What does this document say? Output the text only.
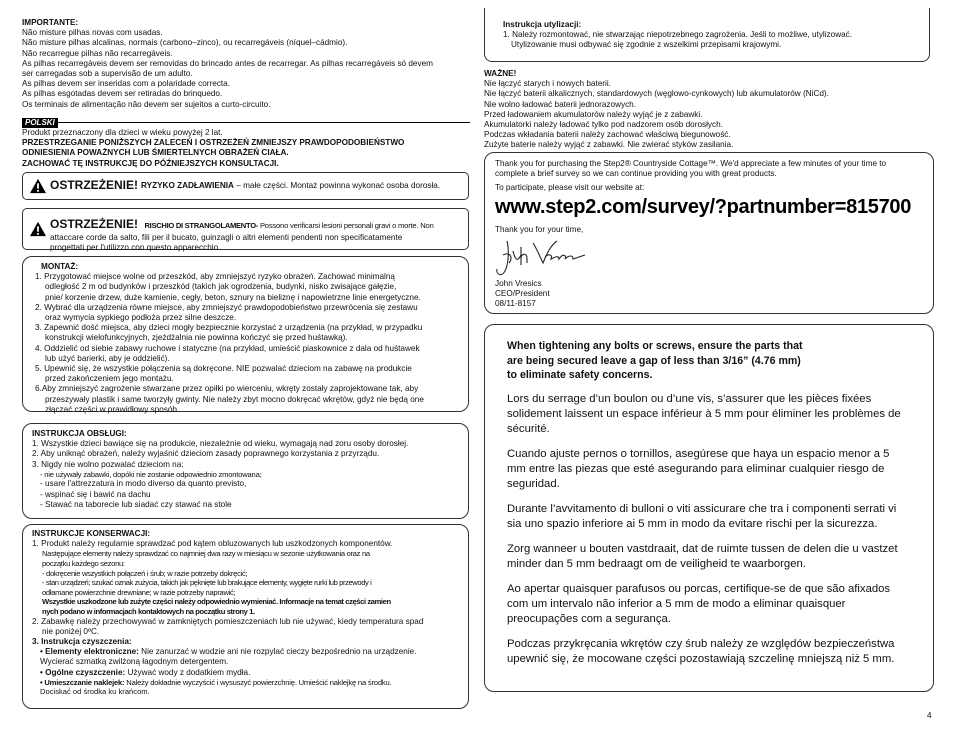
IMPORTANTE:
Não misture pilhas novas com usadas.
Não misture pilhas alcalinas, normais (carbono–zinco), ou recarregáveis (níquel–cádmio).
Não recarregue pilhas não recarregáveis.
As pilhas recarregáveis devem ser removidas do brincado antes de recarregar. As pilhas recarregáveis só devem
ser carregadas sob a supervisão de um adulto.
As pilhas devem ser inseridas com a polaridade correcta.
As pilhas esgotadas devem ser retiradas do brinquedo.
Os terminais de alimentação não devem ser sujeitos a curto-circuito.
POLSKI
Produkt przeznaczony dla dzieci w wieku powyżej 2 lat.
PRZESTRZEGANIE PONIŻSZYCH ZALECEŃ I OSTRZEŻEŃ ZMNIEJSZY PRAWDOPODOBIEŃSTWO
ODNIESIENIA POWAŻNYCH LUB ŚMIERTELNYCH OBRAŻEŃ CIAŁA.
ZACHOWAĆ TĘ INSTRUKCJĘ DO PÓŹNIEJSZYCH KONSULTACJI.
OSTRZEŻENIE! RYZYKO ZADŁAWIENIA – małe części. Montaż powinna wykonać osoba dorosła.
OSTRZEŻENIE! RISCHIO DI STRANGOLAMENTO- Possono verificarsi lesioni personali gravi o morte. Non
attaccare corde da salto, fili per il bucato, guinzagli o altri elementi pendenti non specificatamente
progettati per l'utilizzo con questo apparecchio.
MONTAŻ:
1. Przygotować miejsce wolne od przeszkód, aby zmniejszyć ryzyko obrażeń. Zachować minimalną
odległość 2 m od budynków i przeszkód (takich jak ogrodzenia, budynki, nisko zwisające gałęzie,
pnie/ korzenie drzew, duże kamienie, cegły, beton, sznury na bieliznę i napowietrzne linie energetyczne.
2. Wybrać dla urządzenia równe miejsce, aby zmniejszyć prawdopodobieństwo przewrócenia się zestawu
oraz wymycia sypkiego podłoża przez silne deszcze.
3. Zapewnić dość miejsca, aby dzieci mogły bezpiecznie korzystać z urządzenia (na przykład, w przypadku
konstrukcji wielofunkcyjnych, zjeżdżalnia nie powinna kończyć się przed huśtawką).
4. Oddzielić od siebie zabawy ruchowe i statyczne (na przykład, umieścić piaskownice z dala od huśtawek
lub użyć barierki, aby je oddzielić).
5. Upewnić się, że wszystkie połączenia są dokręcone. NIE pozwalać dzieciom na zabawę na produkcie
przed zakończeniem jego montażu.
6.Aby zmniejszyć zagrożenie stwarzane przez opiłki po wierceniu, wkręty zostały zaprojektowane tak, aby
przeszywały plastik i same tworzyły gwinty. Nie należy zbyt mocno dokręcać wkrętów, gdyż nie będą one
złączać części w prawidłowy sposób.
INSTRUKCJA OBSŁUGI:
1. Wszystkie dzieci bawiące się na produkcie, niezależnie od wieku, wymagają nad zoru osoby dorosłej.
2. Aby uniknąć obrażeń, należy wyjaśnić dzieciom zasady poprawnego korzystania z przyrządu.
3. Nigdy nie wolno pozwalać dzieciom na:
- nie używały zabawki, dopóki nie zostanie odpowiednio zmontowana;
- usare l'attrezzatura in modo diverso da quanto previsto,
- wspinać się i bawić na dachu
- Stawać na taborecie lub siadać czy stawać na stole
INSTRUKCJE KONSERWACJI:
1. Produkt należy regularnie sprawdzać pod kątem obluzowanych lub uszkodzonych komponentów.
Następujące elementy należy sprawdzać co najmniej dwa razy w miesiącu w sezonie użytkowania oraz na
początku każdego sezonu:
- dokręcenie wszystkich połączeń i śrub; w razie potrzeby dokręcić;
- stan urządzeń; szukać oznak zużycia, takich jak pęknięte lub brakujące elementy, wygięte rurki lub przewody i
odłamane powierzchnie drewniane; w razie potrzeby naprawić;
Wszystkie uszkodzone lub zużyte części należy odpowiednio wymieniać. Informacje na temat części zamien
nych podano w informacjach kontaktowych na początku strony 1.
2. Zabawkę należy przechowywać w zamkniętych pomieszczeniach lub nie używać, kiedy temperatura spad
nie poniżej 0ºC.
3. Instrukcja czyszczenia:
• Elementy elektroniczne: Nie zanurzać w wodzie ani nie rozpylać cieczy bezpośrednio na urządzenie.
Wycierać szmatką zwilżoną łagodnym detergentem.
• Ogólne czyszczenie: Używać wody z dodatkiem mydła.
• Umieszczanie naklejek: Należy dokładnie wyczyścić i wysuszyć powierzchnię. Umieścić naklejkę na środku.
Dociskać od środka ku krańcom.
Instrukcja utylizacji:
1. Należy rozmontować, nie stwarzając niepotrzebnego zagrożenia. Jeśli to możliwe, utylizować.
Utylizowanie musi odbywać się zgodnie z wszelkimi przepisami krajowymi.
WAŻNE!
Nie łączyć starych i nowych baterii.
Nie łączyć baterii alkalicznych, standardowych (węglowo-cynkowych) lub akumulatorów (NiCd).
Nie wolno ładować baterii jednorazowych.
Przed ładowaniem akumulatorów należy wyjąć je z zabawki.
Akumulatorki należy ładować tylko pod nadzorem osób dorosłych.
Podczas wkładania baterii należy zachować właściwą biegunowość.
Zużyte baterie należy wyjąć z zabawki. Nie zwierać styków zasilania.
Thank you for purchasing the Step2® Countryside Cottage™. We'd appreciate a few minutes of your time to
complete a brief survey so we can continue providing you with great products.
To participate, please visit our website at:
www.step2.com/survey/?partnumber=815700
Thank you for your time,
John Vresics
CEO/President
08/11-8157
When tightening any bolts or screws, ensure the parts that
are being secured leave a gap of less than 3/16” (4.76 mm)
to eliminate safety concerns.
Lors du serrage d’un boulon ou d’une vis, s’assurer que les pièces fixées
solidement laissent un espace inférieur à 5 mm pour éliminer les problèmes de
sécurité.
Cuando ajuste pernos o tornillos, asegúrese que haya un espacio menor a 5
mm entre las piezas que esté asegurando para eliminar cualquier riesgo de
seguridad.
Durante l’avvitamento di bulloni o viti assicurare che tra i componenti serrati vi
sia uno spazio inferiore ai 5 mm in modo da evitare rischi per la sicurezza.
Zorg wanneer u bouten vastdraait, dat de ruimte tussen de delen die u vastzet
minder dan 5 mm bedraagt om de veiligheid te waarborgen.
Ao apertar quaisquer parafusos ou porcas, certifique-se de que são afixados
com um intervalo não inferior a 5 mm de modo a eliminar quaisquer
preocupações com a segurança.
Podczas przykręcania wkrętów czy śrub należy ze względów bezpieczeństwa
upewnić się, że mocowane części pozostawiają szczelinę mniejszą niż 5 mm.
4
